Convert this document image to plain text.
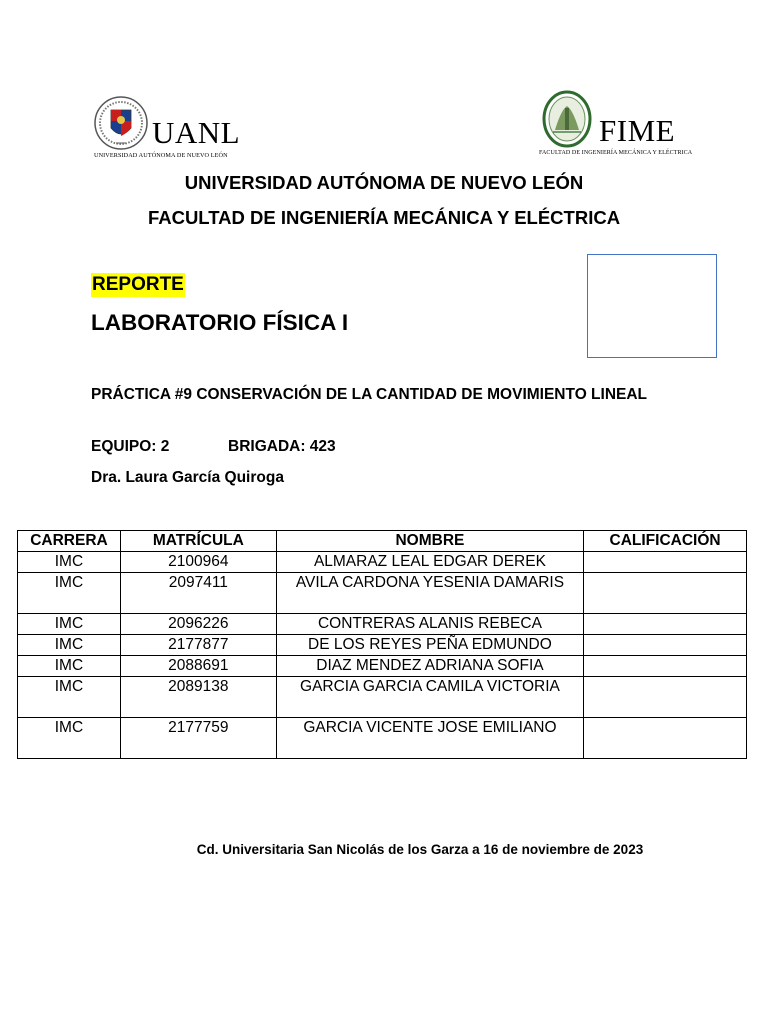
UANL
UNIVERSIDAD AUTÓNOMA DE NUEVO LEÓN
FIME
FACULTAD DE INGENIERÍA MECÁNICA Y ELÉCTRICA
UNIVERSIDAD AUTÓNOMA DE NUEVO LEÓN
FACULTAD DE INGENIERÍA MECÁNICA Y ELÉCTRICA
REPORTE
LABORATORIO FÍSICA I
PRÁCTICA #9 CONSERVACIÓN DE LA CANTIDAD DE MOVIMIENTO LINEAL
EQUIPO: 2	BRIGADA: 423
Dra. Laura García Quiroga
CARRERA	MATRÍCULA	NOMBRE	CALIFICACIÓN
IMC	2100964	ALMARAZ LEAL EDGAR DEREK	
IMC	2097411	AVILA CARDONA YESENIA DAMARIS	
IMC	2096226	CONTRERAS ALANIS REBECA	
IMC	2177877	DE LOS REYES PEÑA EDMUNDO	
IMC	2088691	DIAZ MENDEZ ADRIANA SOFIA	
IMC	2089138	GARCIA GARCIA CAMILA VICTORIA	
IMC	2177759	GARCIA VICENTE JOSE EMILIANO	
Cd. Universitaria San Nicolás de los Garza a 16 de noviembre de 2023
